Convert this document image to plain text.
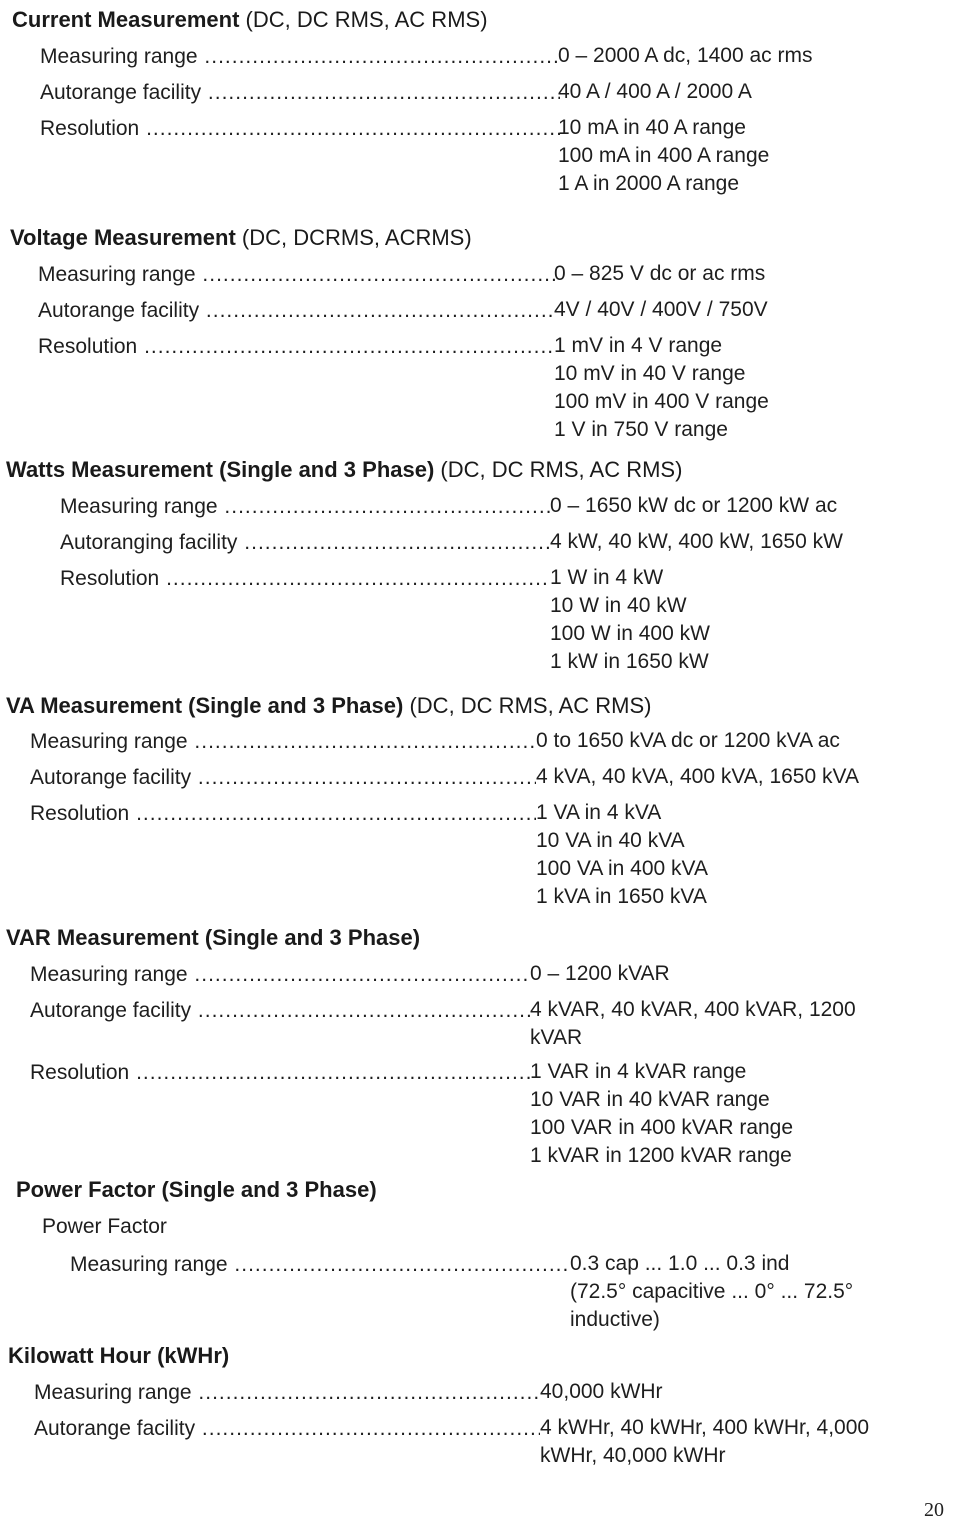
Current Measurement (DC, DC RMS, AC RMS)
Measuring range .....	0 – 2000 A dc, 1400 ac rms
Autorange facility .....	40 A / 400 A / 2000 A
Resolution .....	10 mA in 40 A range
100 mA in 400 A range
1 A in 2000 A range
Voltage Measurement (DC, DCRMS, ACRMS)
Measuring range .....	0 – 825 V dc or ac rms
Autorange facility .....	4V / 40V / 400V / 750V
Resolution .....	1 mV in 4 V range
10 mV in 40 V range
100 mV in 400 V range
1 V in 750 V range
Watts Measurement (Single and 3 Phase) (DC, DC RMS, AC RMS)
Measuring range .....	0 – 1650 kW dc or 1200 kW ac
Autoranging facility .....	4 kW, 40 kW, 400 kW, 1650 kW
Resolution .....	1 W in 4 kW
10 W in 40 kW
100 W in 400 kW
1 kW in 1650 kW
VA Measurement (Single and 3 Phase) (DC, DC RMS, AC RMS)
Measuring range .....	0 to 1650 kVA dc or 1200 kVA ac
Autorange facility .....	4 kVA, 40 kVA, 400 kVA, 1650 kVA
Resolution .....	1 VA in 4 kVA
10 VA in 40 kVA
100 VA in 400 kVA
1 kVA in 1650 kVA
VAR Measurement (Single and 3 Phase)
Measuring range .....	0 – 1200 kVAR
Autorange facility .....	4 kVAR, 40 kVAR, 400 kVAR, 1200
kVAR
Resolution .....	1 VAR in 4 kVAR range
10 VAR in 40 kVAR range
100 VAR in 400 kVAR range
1 kVAR in 1200 kVAR range
Power Factor (Single and 3 Phase)
Power Factor
Measuring range .....	0.3 cap ... 1.0 ... 0.3 ind
(72.5° capacitive ... 0° ... 72.5°
inductive)
Kilowatt Hour (kWHr)
Measuring range .....	40,000 kWHr
Autorange facility .....	4 kWHr, 40 kWHr, 400 kWHr, 4,000
kWHr, 40,000 kWHr
20
